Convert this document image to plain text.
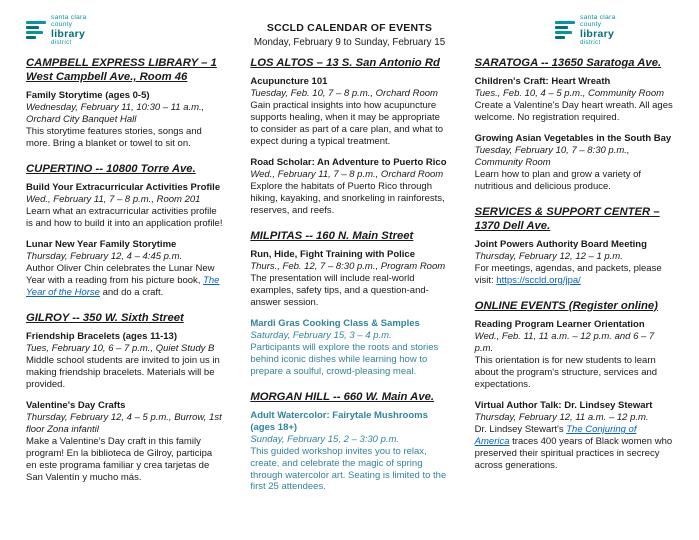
santa clara
county
library
district
SCCLD CALENDAR OF EVENTS
Monday, February 9 to Sunday, February 15
santa clara
county
library
district
CAMPBELL EXPRESS LIBRARY – 1 West Campbell Ave., Room 46
Family Storytime (ages 0-5)
Wednesday, February 11, 10:30 – 11 a.m., Orchard City Banquet Hall
This storytime features stories, songs and more. Bring a blanket or towel to sit on.
CUPERTINO -- 10800 Torre Ave.
Build Your Extracurricular Activities Profile
Wed., February 11, 7 – 8 p.m., Room 201
Learn what an extracurricular activities profile is and how to build it into an application profile!
Lunar New Year Family Storytime
Thursday, February 12, 4 – 4:45 p.m.
Author Oliver Chin celebrates the Lunar New Year with a reading from his picture book, The Year of the Horse and do a craft.
GILROY -- 350 W. Sixth Street
Friendship Bracelets (ages 11-13)
Tues, February 10, 6 – 7 p.m., Quiet Study B
Middle school students are invited to join us in making friendship bracelets. Materials will be provided.
Valentine's Day Crafts
Thursday, February 12, 4 – 5 p.m., Burrow, 1st floor Zona infantil
Make a Valentine's Day craft in this family program! En la biblioteca de Gilroy, participa en este programa familiar y crea tarjetas de San Valentín y mucho más.
LOS ALTOS – 13 S. San Antonio Rd
Acupuncture 101
Tuesday, Feb. 10, 7 – 8 p.m., Orchard Room
Gain practical insights into how acupuncture supports healing, when it may be appropriate to consider as part of a care plan, and what to expect during a typical treatment.
Road Scholar: An Adventure to Puerto Rico
Wed., February 11, 7 – 8 p.m., Orchard Room
Explore the habitats of Puerto Rico through hiking, kayaking, and snorkeling in rainforests, reserves, and reefs.
MILPITAS -- 160 N. Main Street
Run, Hide, Fight Training with Police
Thurs., Feb. 12, 7 – 8:30 p.m., Program Room
The presentation will include real-world examples, safety tips, and a question-and-answer session.
Mardi Gras Cooking Class & Samples
Saturday, February 15, 3 – 4 p.m.
Participants will explore the roots and stories behind iconic dishes while learning how to prepare a soulful, crowd-pleasing meal.
MORGAN HILL -- 660 W. Main Ave.
Adult Watercolor: Fairytale Mushrooms (ages 18+)
Sunday, February 15, 2 – 3:30 p.m.
This guided workshop invites you to relax, create, and celebrate the magic of spring through watercolor art. Seating is limited to the first 25 attendees.
SARATOGA -- 13650 Saratoga Ave.
Children's Craft: Heart Wreath
Tues., Feb. 10, 4 – 5 p.m., Community Room
Create a Valentine's Day heart wreath. All ages welcome. No registration required.
Growing Asian Vegetables in the South Bay
Tuesday, February 10, 7 – 8:30 p.m., Community Room
Learn how to plan and grow a variety of nutritious and delicious produce.
SERVICES & SUPPORT CENTER – 1370 Dell Ave.
Joint Powers Authority Board Meeting
Thursday, February 12, 12 – 1 p.m.
For meetings, agendas, and packets, please visit: https://sccld.org/jpa/
ONLINE EVENTS (Register online)
Reading Program Learner Orientation
Wed., Feb. 11, 11 a.m. – 12 p.m. and 6 – 7 p.m.
This orientation is for new students to learn about the program's structure, services and expectations.
Virtual Author Talk: Dr. Lindsey Stewart
Thursday, February 12, 11 a.m. – 12 p.m.
Dr. Lindsey Stewart's The Conjuring of America traces 400 years of Black women who preserved their spiritual practices in secrecy across generations.
